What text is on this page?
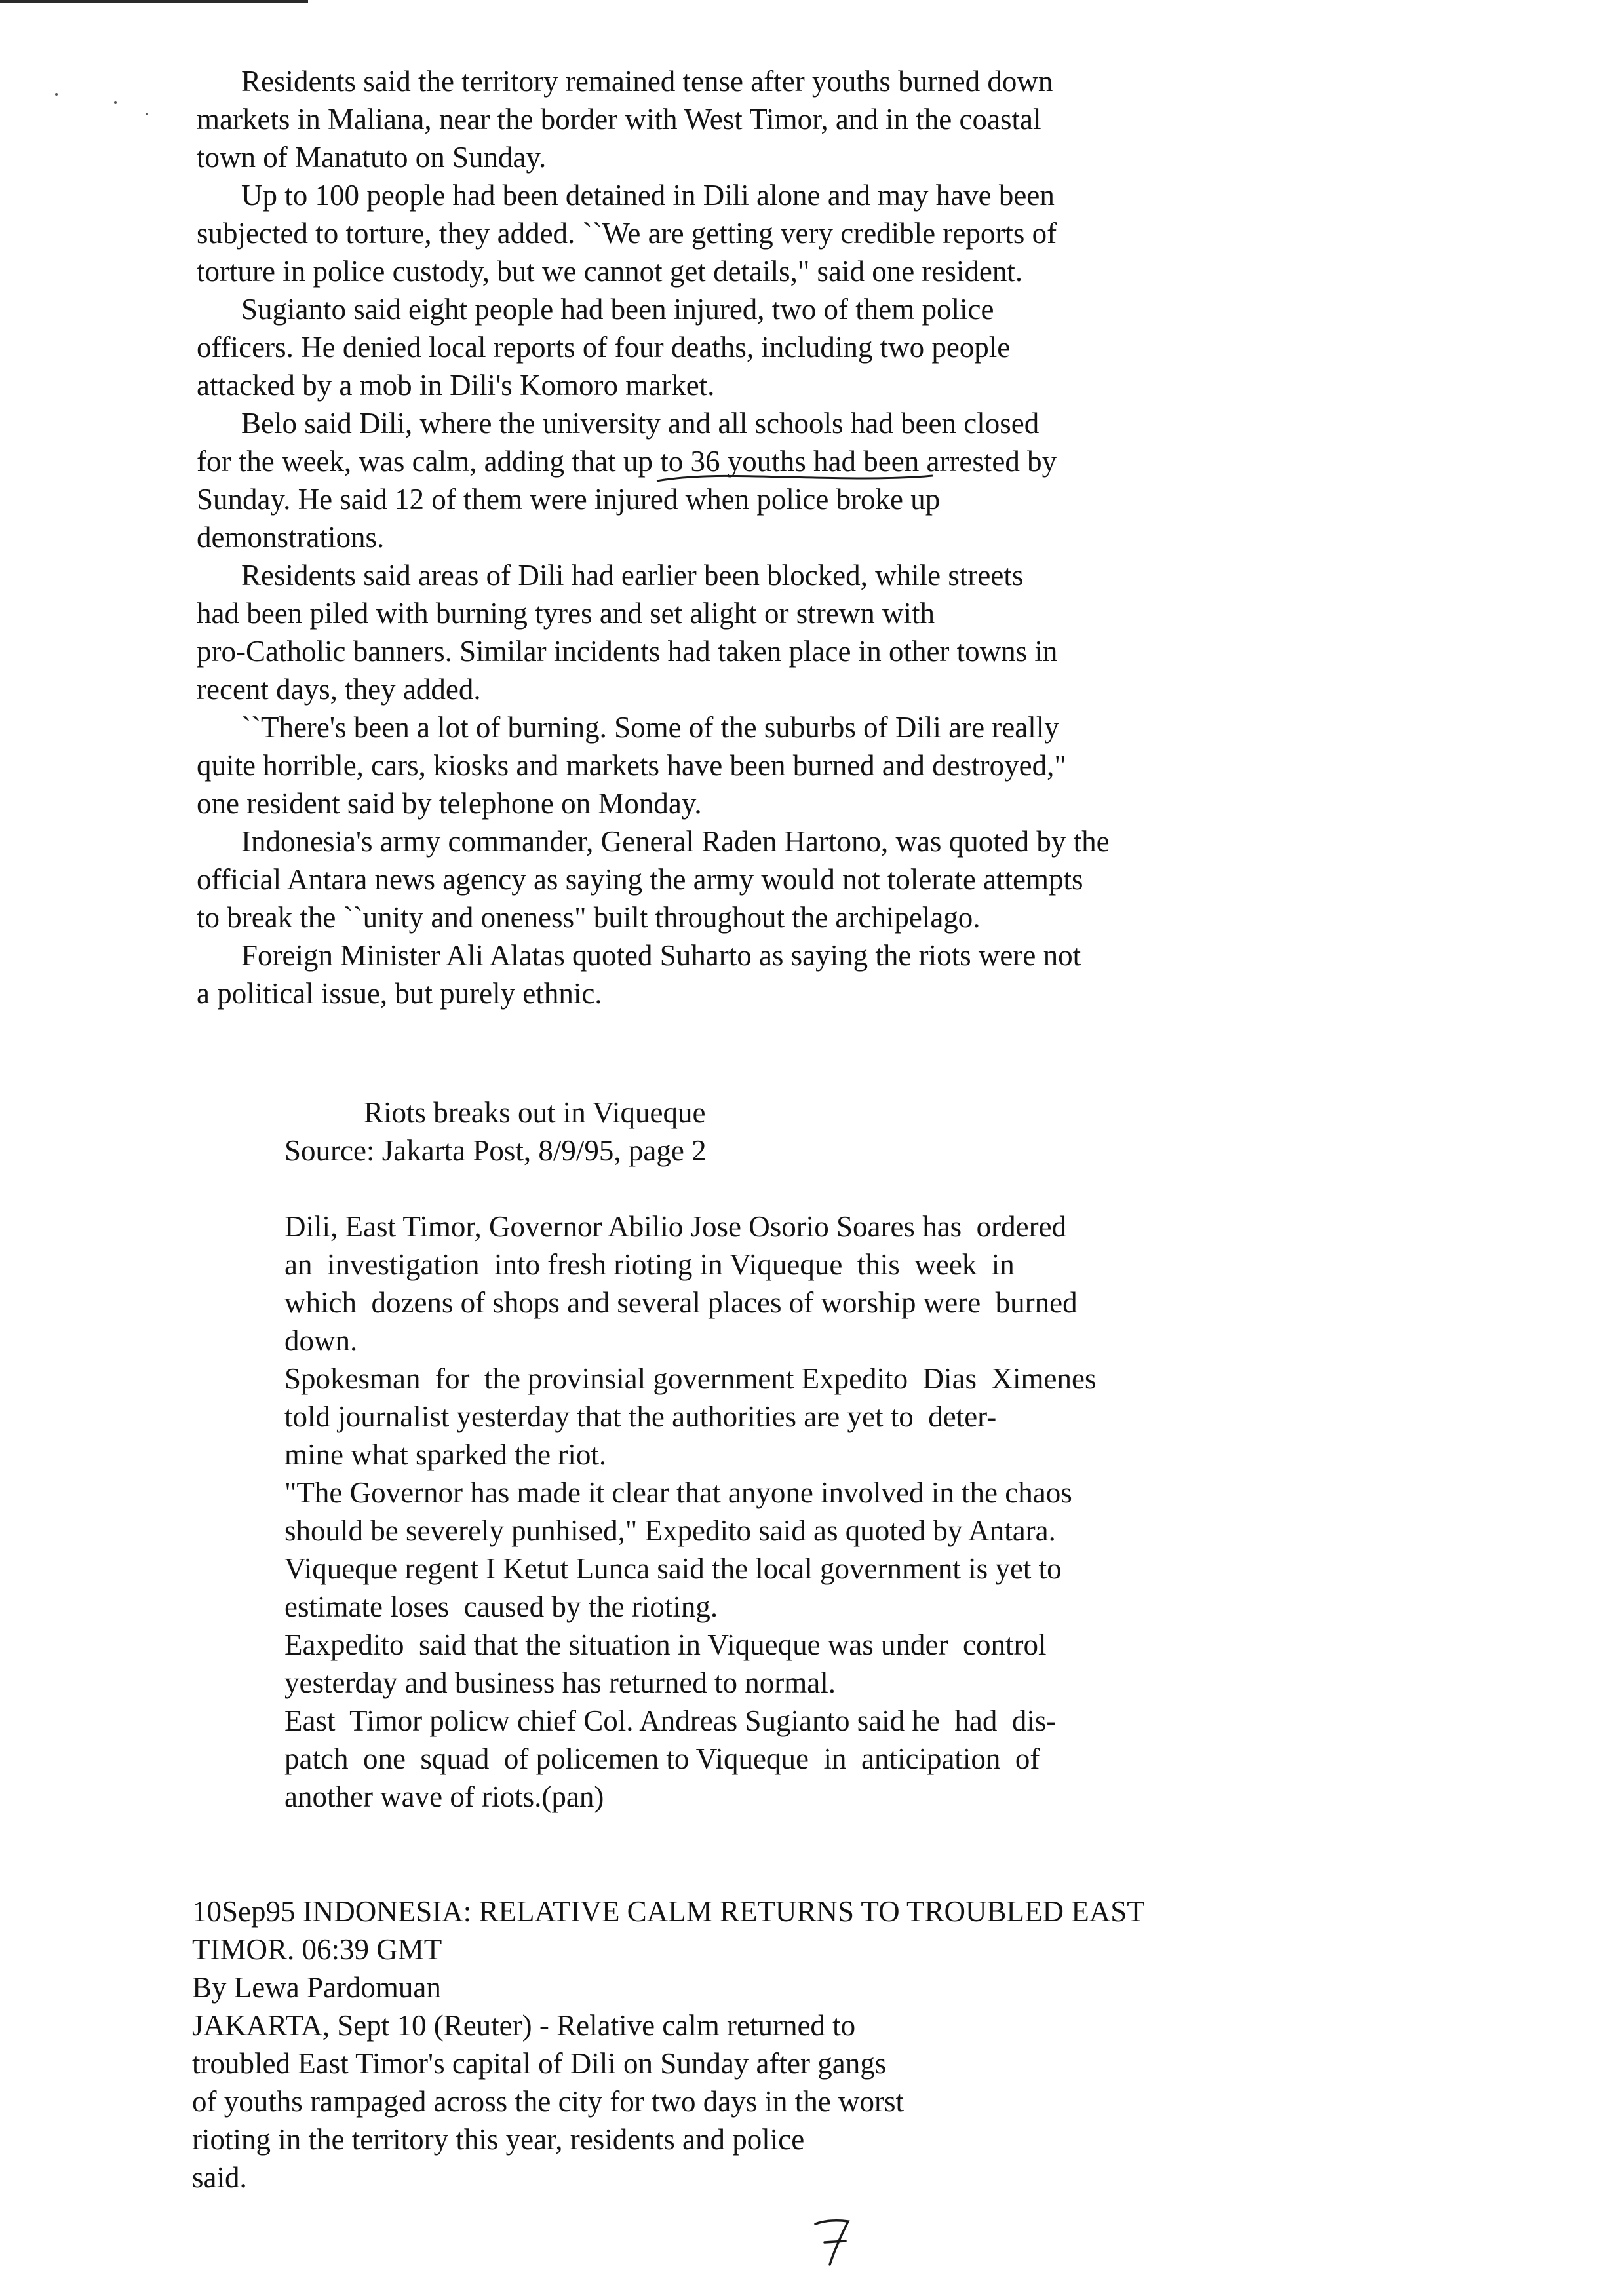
Residents said the territory remained tense after youths burned down
markets in Maliana, near the border with West Timor, and in the coastal
town of Manatuto on Sunday.
Up to 100 people had been detained in Dili alone and may have been
subjected to torture, they added. ``We are getting very credible reports of
torture in police custody, but we cannot get details," said one resident.
Sugianto said eight people had been injured, two of them police
officers. He denied local reports of four deaths, including two people
attacked by a mob in Dili's Komoro market.
Belo said Dili, where the university and all schools had been closed
for the week, was calm, adding that up to 36 youths had been arrested by
Sunday. He said 12 of them were injured when police broke up
demonstrations.
Residents said areas of Dili had earlier been blocked, while streets
had been piled with burning tyres and set alight or strewn with
pro-Catholic banners. Similar incidents had taken place in other towns in
recent days, they added.
``There's been a lot of burning. Some of the suburbs of Dili are really
quite horrible, cars, kiosks and markets have been burned and destroyed,"
one resident said by telephone on Monday.
Indonesia's army commander, General Raden Hartono, was quoted by the
official Antara news agency as saying the army would not tolerate attempts
to break the ``unity and oneness" built throughout the archipelago.
Foreign Minister Ali Alatas quoted Suharto as saying the riots were not
a political issue, but purely ethnic.
Riots breaks out in Viqueque
Source: Jakarta Post, 8/9/95, page 2
Dili, East Timor, Governor Abilio Jose Osorio Soares has  ordered
an  investigation  into fresh rioting in Viqueque  this  week  in
which  dozens of shops and several places of worship were  burned
down.
Spokesman  for  the provinsial government Expedito  Dias  Ximenes
told journalist yesterday that the authorities are yet to  deter-
mine what sparked the riot.
"The Governor has made it clear that anyone involved in the chaos
should be severely punhised," Expedito said as quoted by Antara.
Viqueque regent I Ketut Lunca said the local government is yet to
estimate loses  caused by the rioting.
Eaxpedito  said that the situation in Viqueque was under  control
yesterday and business has returned to normal.
East  Timor policw chief Col. Andreas Sugianto said he  had  dis-
patch  one  squad  of policemen to Viqueque  in  anticipation  of
another wave of riots.(pan)
10Sep95 INDONESIA: RELATIVE CALM RETURNS TO TROUBLED EAST
TIMOR. 06:39 GMT
By Lewa Pardomuan
JAKARTA, Sept 10 (Reuter) - Relative calm returned to
troubled East Timor's capital of Dili on Sunday after gangs
of youths rampaged across the city for two days in the worst
rioting in the territory this year, residents and police
said.
